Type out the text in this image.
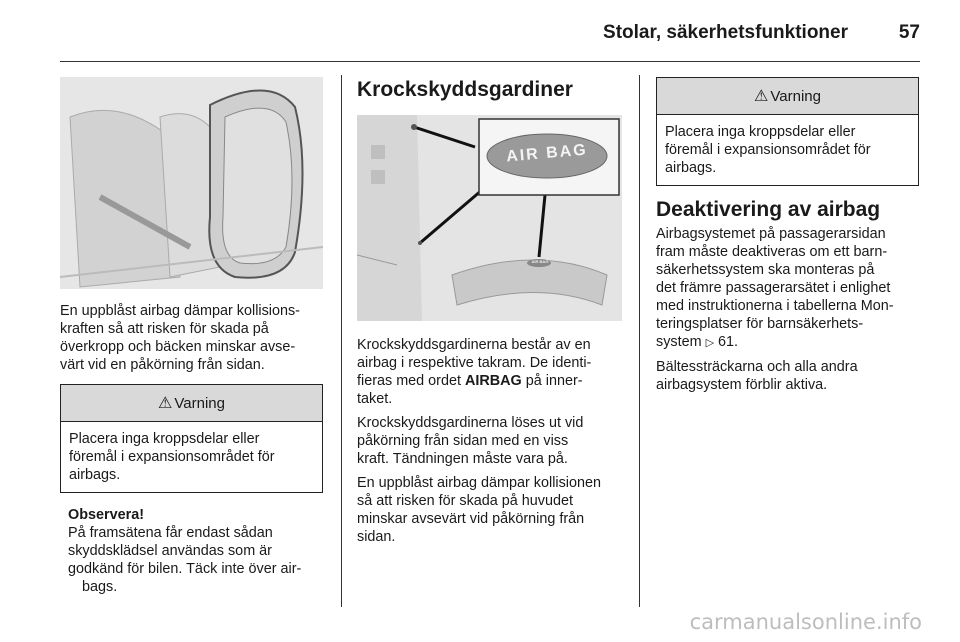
Stolar, säkerhetsfunktioner	57

En uppblåst airbag dämpar kollisions-

kraften så att risken för skada på

överkropp och bäcken minskar avse-

värt vid en påkörning från sidan.

⚠ Varning
Placera inga kroppsdelar eller
föremål i expansionsområdet för
airbags.

Observera!

På framsätena får endast sådan

skyddsklädsel användas som är

godkänd för bilen. Täck inte över air-

bags.

Krockskyddsgardiner
AIR BAG
AIR BAG

Krockskyddsgardinerna består av en

airbag i respektive takram. De identi-

fieras med ordet AIRBAG på inner-

taket.

Krockskyddsgardinerna löses ut vid

påkörning från sidan med en viss

kraft. Tändningen måste vara på.

En uppblåst airbag dämpar kollisionen

så att risken för skada på huvudet

minskar avsevärt vid påkörning från

sidan.

⚠ Varning
Placera inga kroppsdelar eller
föremål i expansionsområdet för
airbags.
Deaktivering av airbag

Airbagsystemet på passagerarsidan

fram måste deaktiveras om ett barn-

säkerhetssystem ska monteras på

det främre passagerarsätet i enlighet

med instruktionerna i tabellerna Mon-

teringsplatser för barnsäkerhets-

system ▷ 61.

Bältessträckarna och alla andra

airbagsystem förblir aktiva.

carmanualsonline.info
